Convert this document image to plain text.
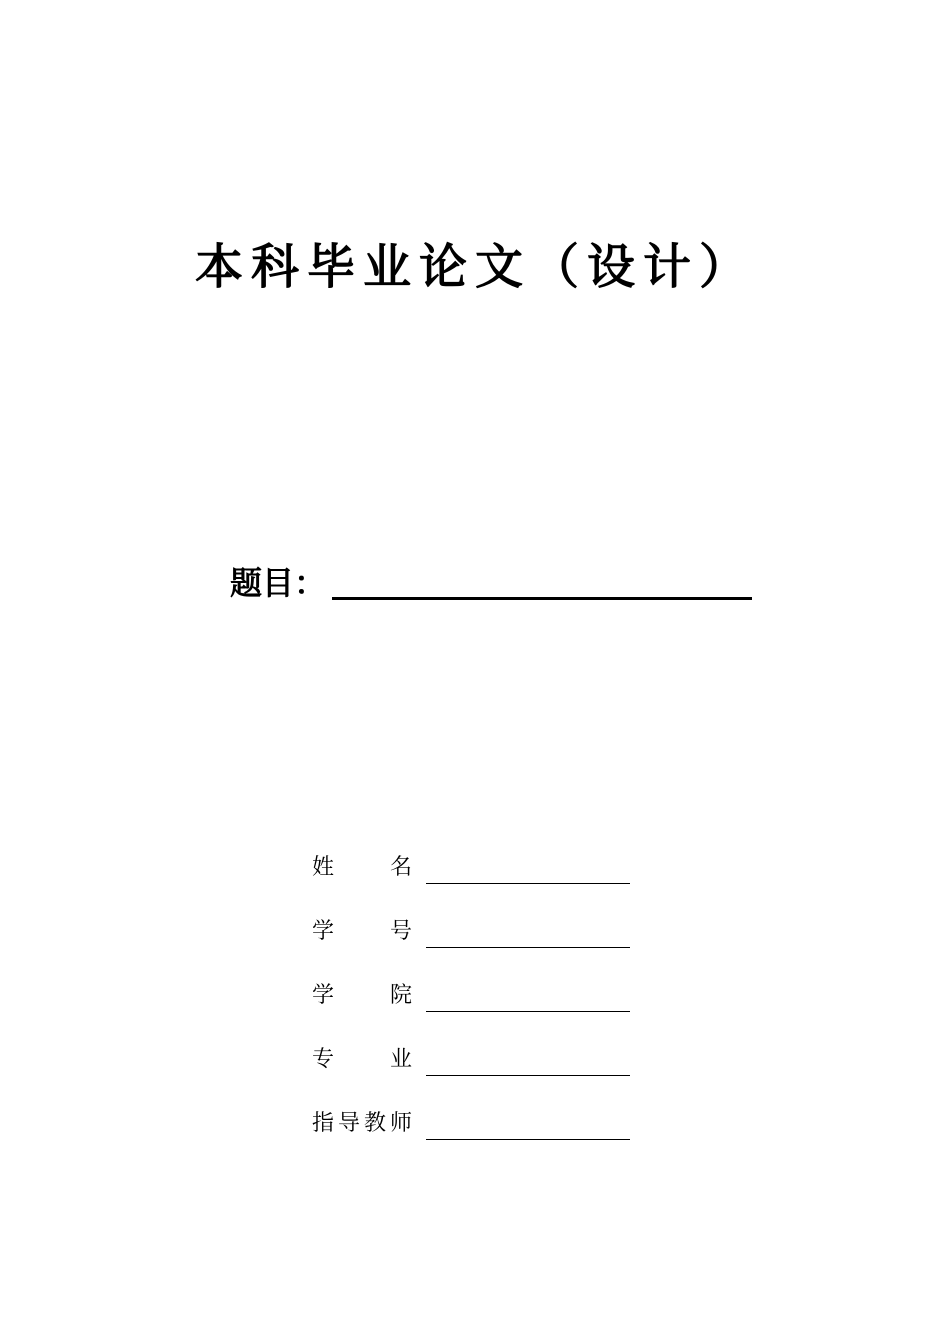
本科毕业论文（设计）
题目：
姓名
学号
学院
专业
指导教师
